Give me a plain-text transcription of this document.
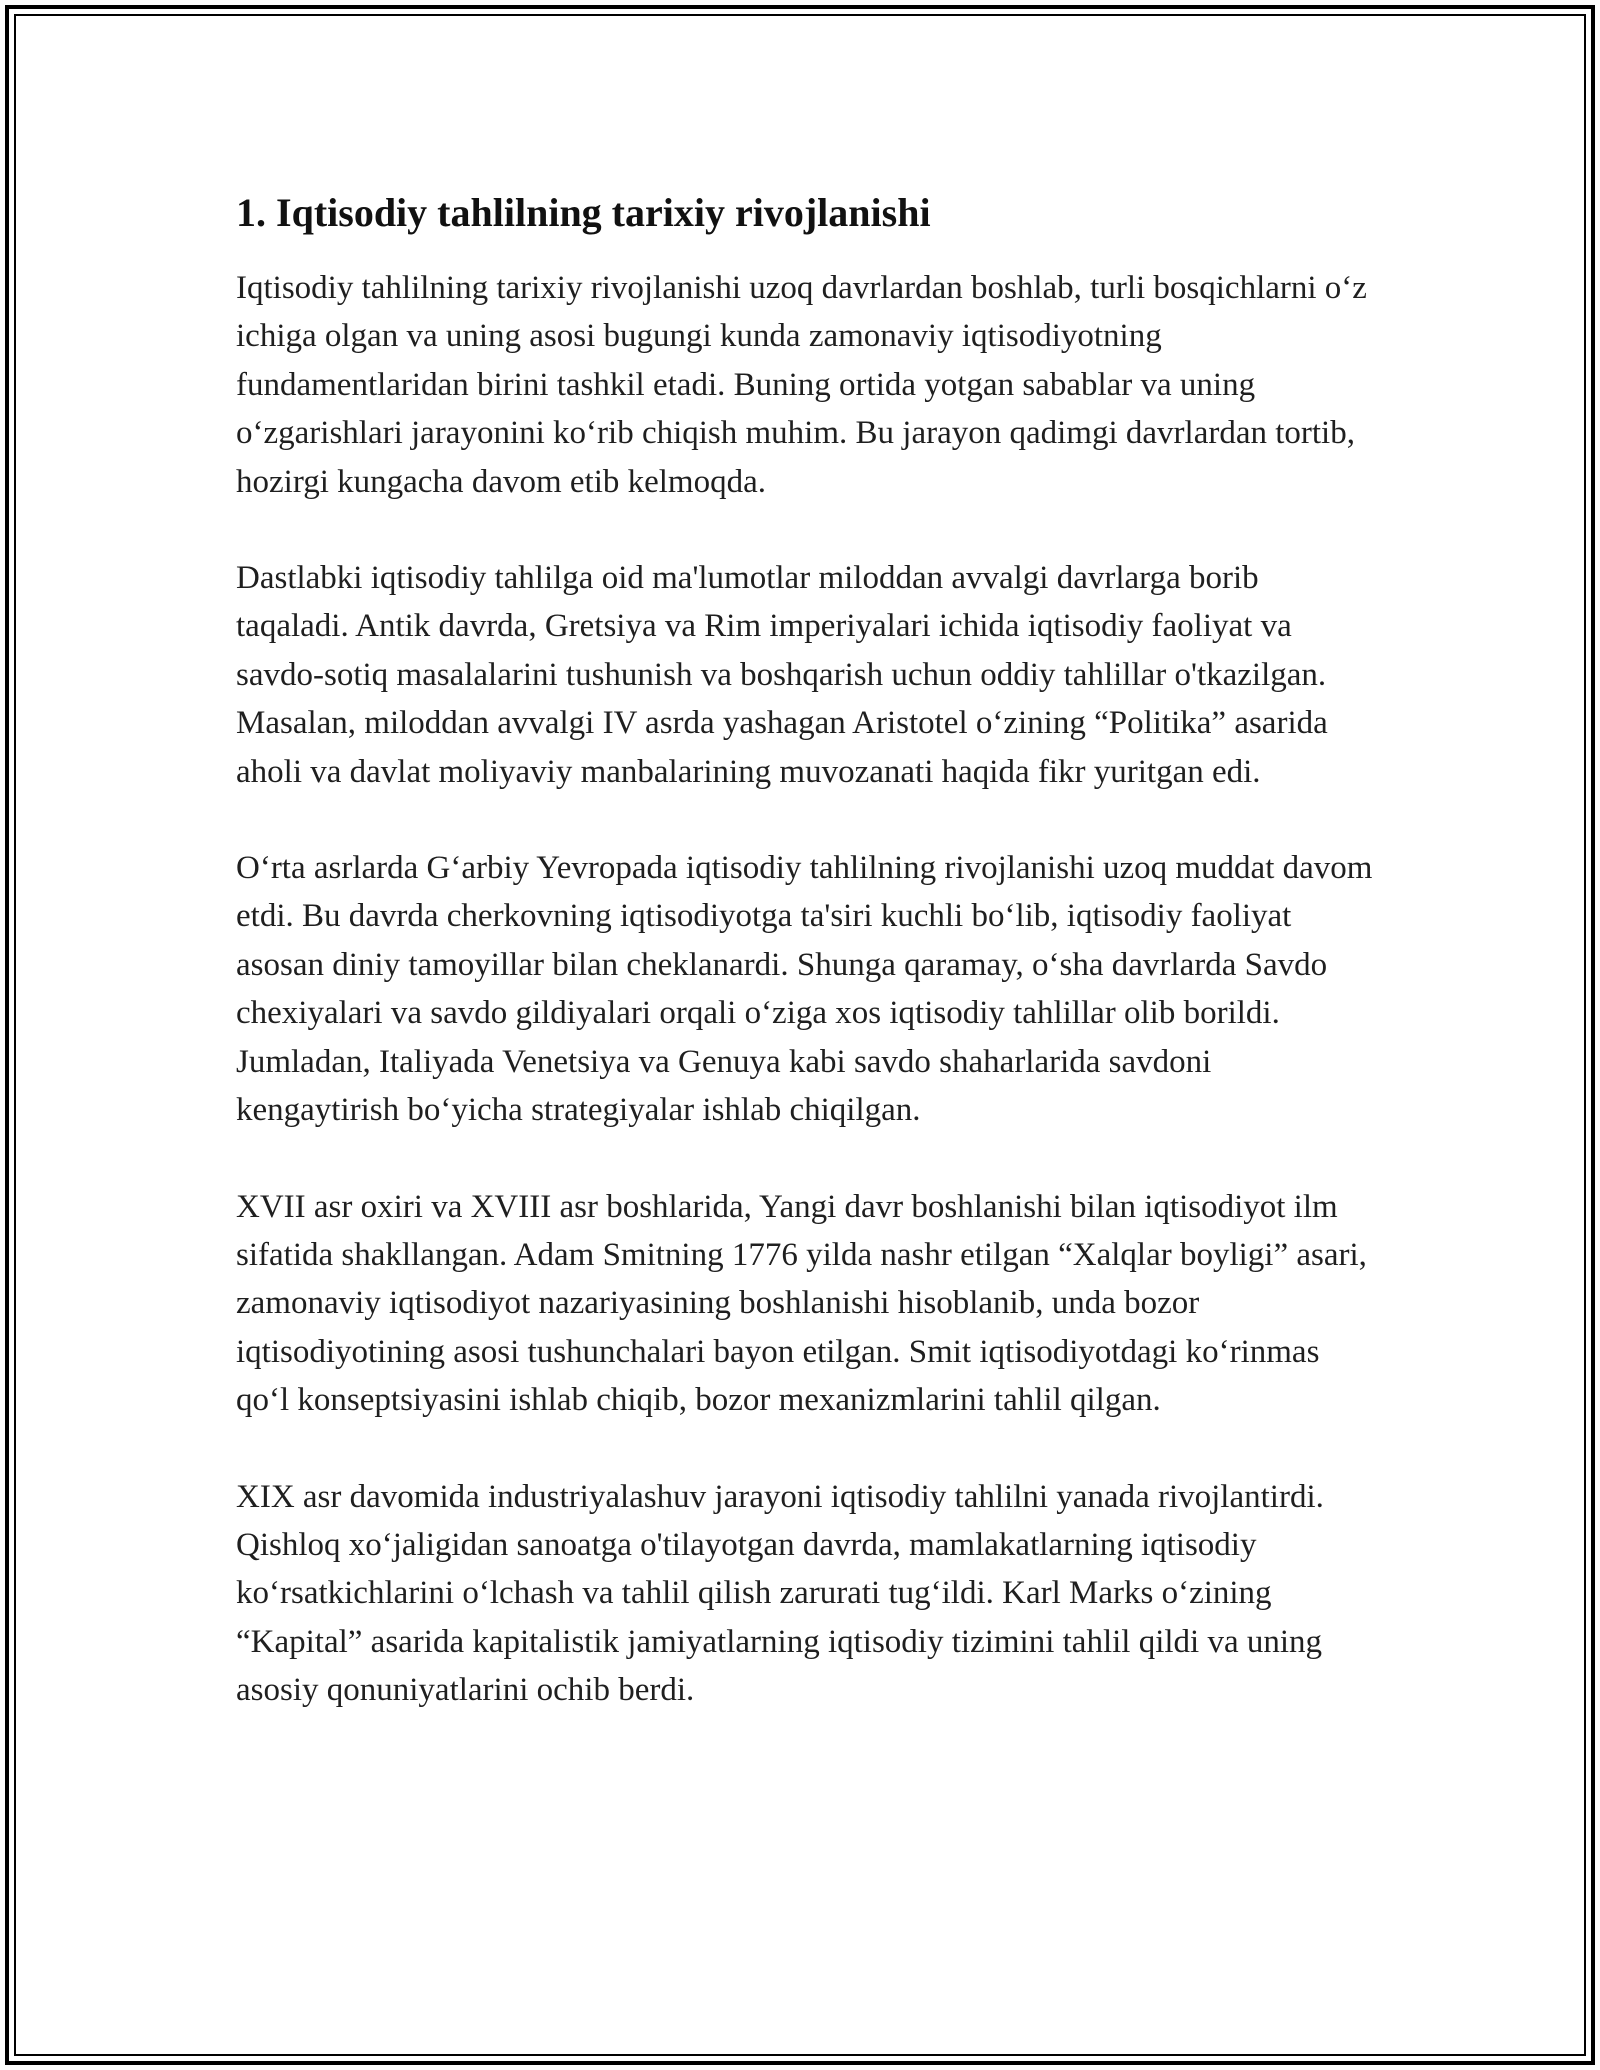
1. Iqtisodiy tahlilning tarixiy rivojlanishi

Iqtisodiy tahlilning tarixiy rivojlanishi uzoq davrlardan boshlab, turli bosqichlarni o‘z ichiga olgan va uning asosi bugungi kunda zamonaviy iqtisodiyotning fundamentlaridan birini tashkil etadi. Buning ortida yotgan sabablar va uning o‘zgarishlari jarayonini ko‘rib chiqish muhim. Bu jarayon qadimgi davrlardan tortib, hozirgi kungacha davom etib kelmoqda.

Dastlabki iqtisodiy tahlilga oid ma'lumotlar miloddan avvalgi davrlarga borib taqaladi. Antik davrda, Gretsiya va Rim imperiyalari ichida iqtisodiy faoliyat va savdo-sotiq masalalarini tushunish va boshqarish uchun oddiy tahlillar o'tkazilgan. Masalan, miloddan avvalgi IV asrda yashagan Aristotel o‘zining “Politika” asarida aholi va davlat moliyaviy manbalarining muvozanati haqida fikr yuritgan edi.

O‘rta asrlarda G‘arbiy Yevropada iqtisodiy tahlilning rivojlanishi uzoq muddat davom etdi. Bu davrda cherkovning iqtisodiyotga ta'siri kuchli bo‘lib, iqtisodiy faoliyat asosan diniy tamoyillar bilan cheklanardi. Shunga qaramay, o‘sha davrlarda Savdo chexiyalari va savdo gildiyalari orqali o‘ziga xos iqtisodiy tahlillar olib borildi. Jumladan, Italiyada Venetsiya va Genuya kabi savdo shaharlarida savdoni kengaytirish bo‘yicha strategiyalar ishlab chiqilgan.

XVII asr oxiri va XVIII asr boshlarida, Yangi davr boshlanishi bilan iqtisodiyot ilm sifatida shakllangan. Adam Smitning 1776 yilda nashr etilgan “Xalqlar boyligi” asari, zamonaviy iqtisodiyot nazariyasining boshlanishi hisoblanib, unda bozor iqtisodiyotining asosi tushunchalari bayon etilgan. Smit iqtisodiyotdagi ko‘rinmas qo‘l konseptsiyasini ishlab chiqib, bozor mexanizmlarini tahlil qilgan.

XIX asr davomida industriyalashuv jarayoni iqtisodiy tahlilni yanada rivojlantirdi. Qishloq xo‘jaligidan sanoatga o'tilayotgan davrda, mamlakatlarning iqtisodiy ko‘rsatkichlarini o‘lchash va tahlil qilish zarurati tug‘ildi. Karl Marks o‘zining “Kapital” asarida kapitalistik jamiyatlarning iqtisodiy tizimini tahlil qildi va uning asosiy qonuniyatlarini ochib berdi.
